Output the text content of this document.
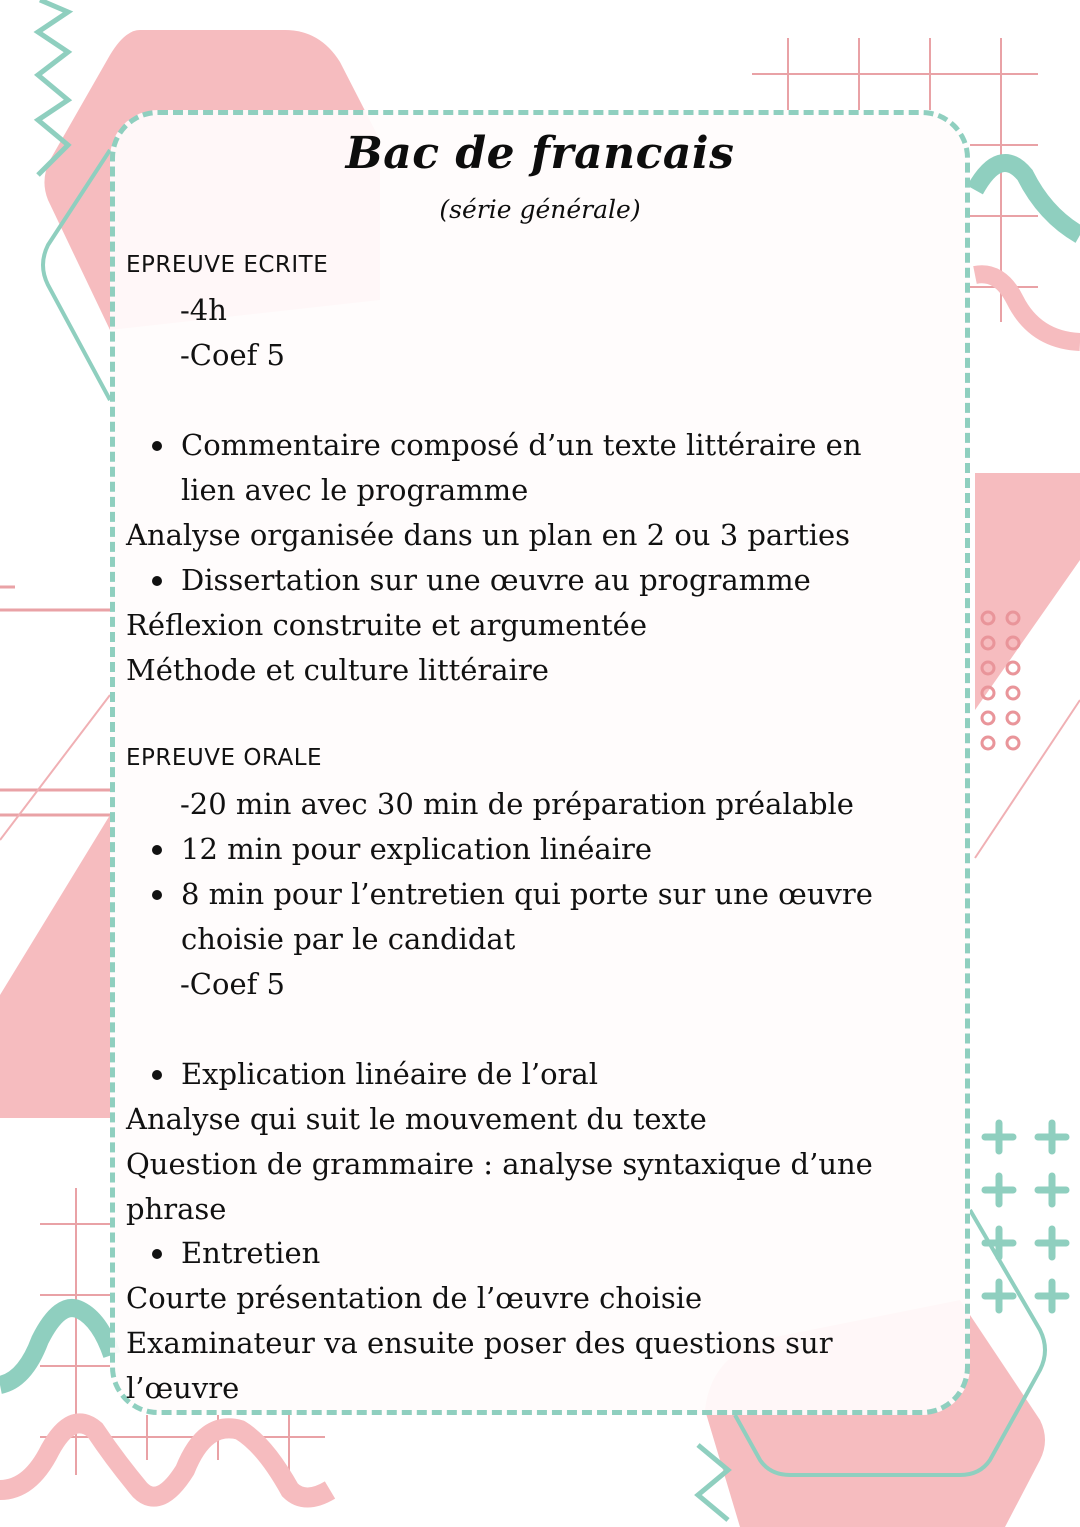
Bac de francais
(série générale)
EPREUVE ECRITE
-4h
-Coef 5
Commentaire composé d’un texte littéraire en
lien avec le programme
Analyse organisée dans un plan en 2 ou 3 parties
Dissertation sur une œuvre au programme
Réflexion construite et argumentée
Méthode et culture littéraire
EPREUVE ORALE
-20 min avec 30 min de préparation préalable
12 min pour explication linéaire
8 min pour l’entretien qui porte sur une œuvre
choisie par le candidat
-Coef 5
Explication linéaire de l’oral
Analyse qui suit le mouvement du texte
Question de grammaire : analyse syntaxique d’une
phrase
Entretien
Courte présentation de l’œuvre choisie
Examinateur va ensuite poser des questions sur
l’œuvre
